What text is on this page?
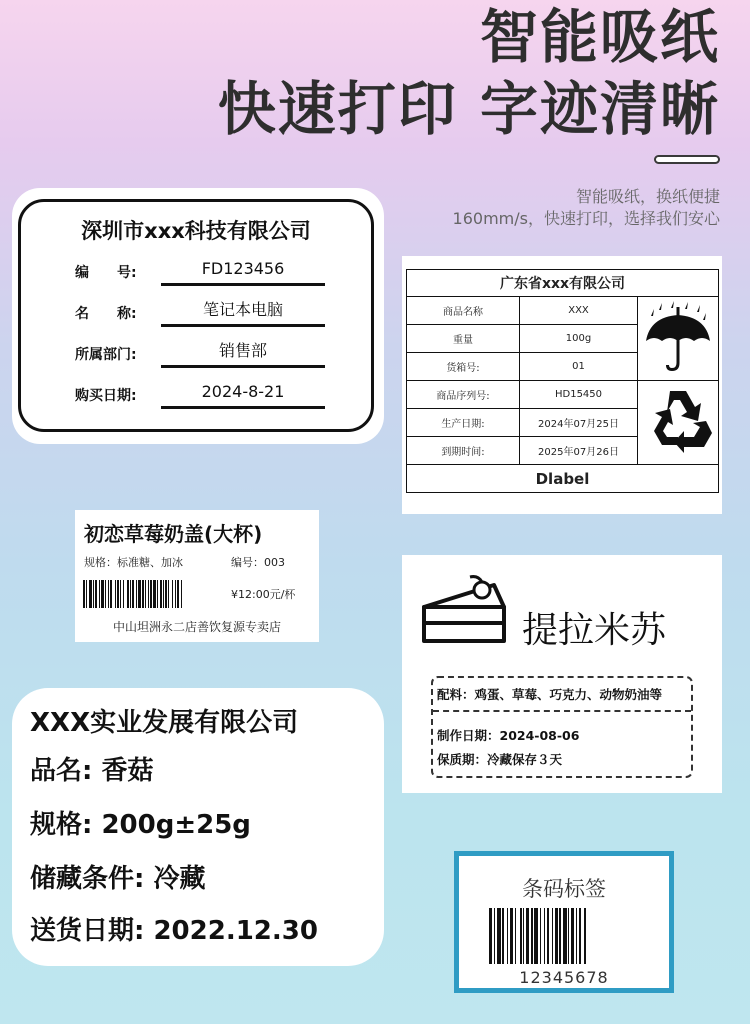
智能吸纸
快速打印 字迹清晰
智能吸纸，换纸便捷
160mm/s，快速打印，选择我们安心
深圳市xxx科技有限公司
编　　号:	FD123456
名　　称:	笔记本电脑
所属部门:	销售部
购买日期:	2024-8-21
广东省xxx有限公司		
商品名称	XXX	
重量	100g	
货箱号:	01	
商品序列号:	HD15450	
生产日期:	2024年07月25日	
到期时间:	2025年07月26日	
Dlabel		
初恋草莓奶盖(大杯)
规格：标准糖、加冰	编号：003
¥12:00元/杯
中山坦洲永二店善饮复源专卖店	提拉米苏
配料：鸡蛋、草莓、巧克力、动物奶油等
制作日期：2024-08-06
保质期：冷藏保存３天
XXX实业发展有限公司
品名: 香菇
规格: 200g±25g
储藏条件: 冷藏
送货日期: 2022.12.30
条码标签
12345678
